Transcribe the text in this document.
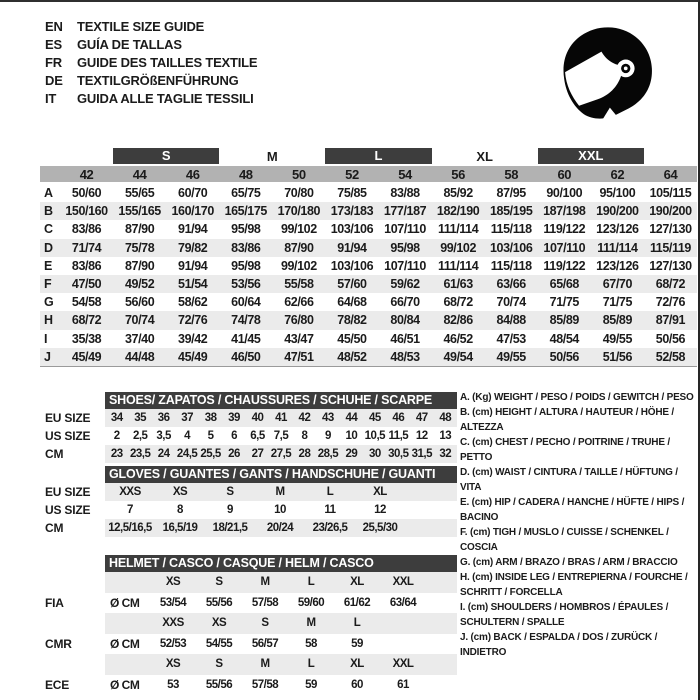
EN	TEXTILE SIZE GUIDE
ES	GUÍA DE TALLAS
FR	GUIDE DES TAILLES TEXTILE
DE	TEXTILGRÖßENFÜHRUNG
IT	GUIDA ALLE TAGLIE TESSILI
S	M	L	XL	XXL
42	44	46	48	50	52	54	56	58	60	62	64
A	50/60	55/65	60/70	65/75	70/80	75/85	83/88	85/92	87/95	90/100	95/100	105/115
B	150/160 155/165 160/170 165/175 170/180 173/183 177/187 182/190 185/195 187/198 190/200 190/200
C	83/86	87/90	91/94	95/98	99/102	103/106 107/110 111/114 115/118 119/122 123/126 127/130
D	71/74	75/78	79/82	83/86	87/90	91/94	95/98	99/102	103/106 107/110 111/114 115/119
E	83/86	87/90	91/94	95/98	99/102	103/106 107/110 111/114 115/118 119/122 123/126 127/130
F	47/50	49/52	51/54	53/56	55/58	57/60	59/62	61/63	63/66	65/68	67/70	68/72
G	54/58	56/60	58/62	60/64	62/66	64/68	66/70	68/72	70/74	71/75	71/75	72/76
H	68/72	70/74	72/76	74/78	76/80	78/82	80/84	82/86	84/88	85/89	85/89	87/91
I	35/38	37/40	39/42	41/45	43/47	45/50	46/51	46/52	47/53	48/54	49/55	50/56
J	45/49	44/48	45/49	46/50	47/51	48/52	48/53	49/54	49/55	50/56	51/56	52/58
SHOES/ ZAPATOS / CHAUSSURES / SCHUHE / SCARPE
EU SIZE	34	35	36	37	38	39	40	41	42	43	44	45	46	47	48
US SIZE	2	2,5 3,5	4	5	6	6,5 7,5	8	9	10 10,5 11,5 12	13
CM	23 23,5 24 24,5 25,5 26	27 27,5 28 28,5 29	30 30,5 31,5 32
GLOVES / GUANTES / GANTS / HANDSCHUHE / GUANTI
EU SIZE	XXS	XS	S	M	L	XL
US SIZE	7	8	9	10	11	12
CM	12,5/16,5 16,5/19	18/21,5	20/24	23/26,5	25,5/30
HELMET / CASCO / CASQUE / HELM / CASCO
XS	S	M	L	XL	XXL
FIA	Ø CM	53/54	55/56	57/58	59/60	61/62	63/64
XXS	XS	S	M	L
CMR	Ø CM	52/53	54/55	56/57	58	59
XS	S	M	L	XL	XXL
ECE	Ø CM	53	55/56	57/58	59	60	61
A. (Kg) WEIGHT / PESO / POIDS / GEWITCH / PESO
B. (cm) HEIGHT / ALTURA / HAUTEUR / HÖHE / ALTEZZA
C. (cm) CHEST / PECHO / POITRINE / TRUHE / PETTO
D. (cm) WAIST / CINTURA / TAILLE / HÜFTUNG / VITA
E. (cm) HIP / CADERA / HANCHE / HÜFTE / HIPS / BACINO
F. (cm) TIGH / MUSLO / CUISSE / SCHENKEL / COSCIA
G. (cm) ARM / BRAZO / BRAS / ARM / BRACCIO
H. (cm) INSIDE LEG / ENTREPIERNA / FOURCHE / SCHRITT / FORCELLA
I. (cm) SHOULDERS / HOMBROS / ÉPAULES / SCHULTERN / SPALLE
J. (cm) BACK / ESPALDA / DOS / ZURÜCK / INDIETRO
